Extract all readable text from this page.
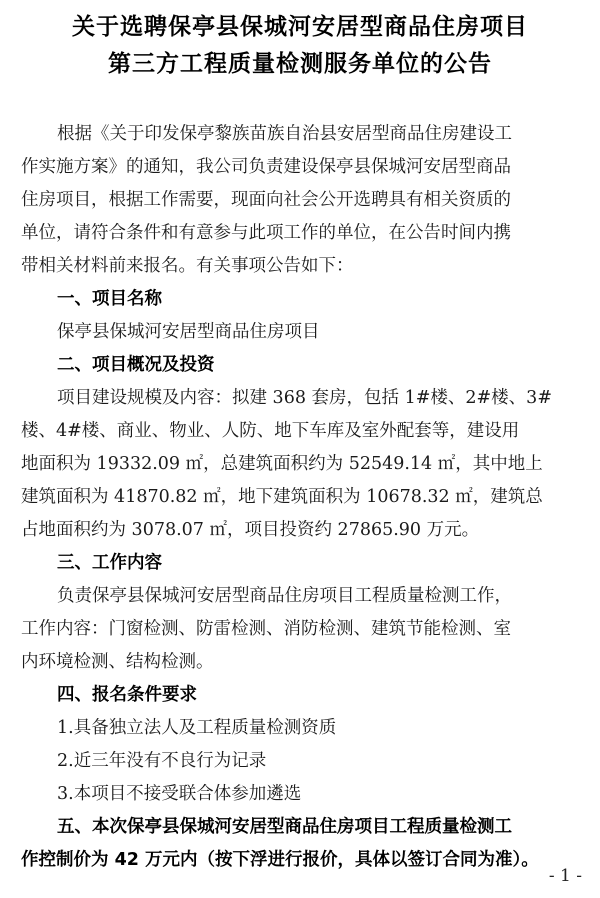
关于选聘保亭县保城河安居型商品住房项目
第三方工程质量检测服务单位的公告
根据《关于印发保亭黎族苗族自治县安居型商品住房建设工
作实施方案》的通知，我公司负责建设保亭县保城河安居型商品
住房项目，根据工作需要，现面向社会公开选聘具有相关资质的
单位，请符合条件和有意参与此项工作的单位，在公告时间内携
带相关材料前来报名。有关事项公告如下：
一、项目名称
保亭县保城河安居型商品住房项目
二、项目概况及投资
项目建设规模及内容：拟建 368 套房，包括 1#楼、2#楼、3#
楼、4#楼、商业、物业、人防、地下车库及室外配套等，建设用
地面积为 19332.09 ㎡，总建筑面积约为 52549.14 ㎡，其中地上
建筑面积为 41870.82 ㎡，地下建筑面积为 10678.32 ㎡，建筑总
占地面积约为 3078.07 ㎡，项目投资约 27865.90 万元。
三、工作内容
负责保亭县保城河安居型商品住房项目工程质量检测工作，
工作内容：门窗检测、防雷检测、消防检测、建筑节能检测、室
内环境检测、结构检测。
四、报名条件要求
1.具备独立法人及工程质量检测资质
2.近三年没有不良行为记录
3.本项目不接受联合体参加遴选
五、本次保亭县保城河安居型商品住房项目工程质量检测工
作控制价为 42 万元内（按下浮进行报价，具体以签订合同为准）。
- 1 -
